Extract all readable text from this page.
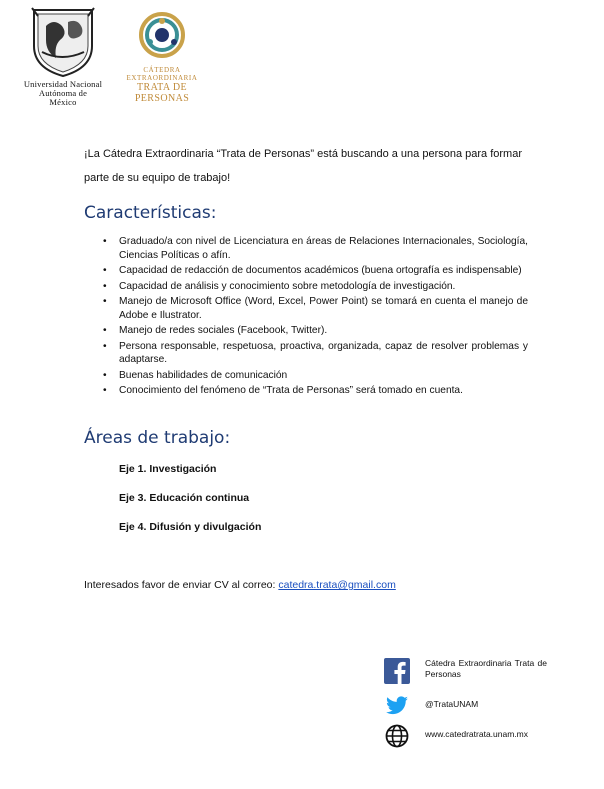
Universidad Nacional
Autónoma de
México
CÁTEDRA EXTRAORDINARIA
TRATA DE PERSONAS
¡La Cátedra Extraordinaria “Trata de Personas” está buscando a una persona para formar parte de su equipo de trabajo!
Características:
• Graduado/a con nivel de Licenciatura en áreas de Relaciones Internacionales, Sociología, Ciencias Políticas o afín.
• Capacidad de redacción de documentos académicos (buena ortografía es indispensable)
• Capacidad de análisis y conocimiento sobre metodología de investigación.
• Manejo de Microsoft Office (Word, Excel, Power Point) se tomará en cuenta el manejo de Adobe e Ilustrator.
• Manejo de redes sociales (Facebook, Twitter).
• Persona responsable, respetuosa, proactiva, organizada, capaz de resolver problemas y adaptarse.
• Buenas habilidades de comunicación
• Conocimiento del fenómeno de “Trata de Personas” será tomado en cuenta.
Áreas de trabajo:
Eje 1. Investigación
Eje 3. Educación continua
Eje 4. Difusión y divulgación
Interesados favor de enviar CV al correo: catedra.trata@gmail.com
Cátedra Extraordinaria Trata de Personas
@TrataUNAM
www.catedratrata.unam.mx
